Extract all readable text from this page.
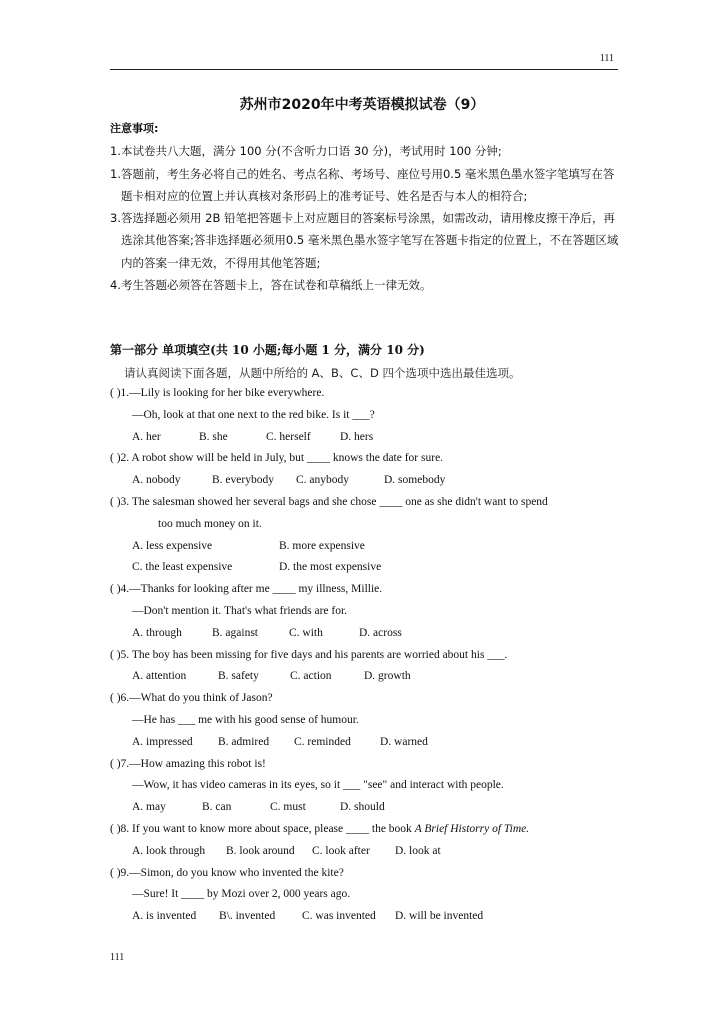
111
苏州市2020年中考英语模拟试卷（9）
注意事项:
1.本试卷共八大题，满分 100 分(不含听力口语 30 分)，考试用时 100 分钟;
1.答题前，考生务必将自己的姓名、考点名称、考场号、座位号用0.5 毫米黑色墨水签字笔填写在答题卡相对应的位置上并认真核对条形码上的准考证号、姓名是否与本人的相符合;
3.答选择题必须用 2B 铅笔把答题卡上对应题目的答案标号涂黑，如需改动，请用橡皮擦干净后，再选涂其他答案;答非选择题必须用0.5 毫米黑色墨水签字笔写在答题卡指定的位置上，不在答题区域内的答案一律无效，不得用其他笔答题;
4.考生答题必须答在答题卡上，答在试卷和草稿纸上一律无效。
第一部分 单项填空(共 10 小题;每小题 1 分，满分 10 分)
请认真阅读下面各题，从题中所给的 A、B、C、D 四个选项中选出最佳选项。
( )1.—Lily is looking for her bike everywhere.
—Oh, look at that one next to the red bike. Is it ___?
A. her	B. she	C. herself	D. hers
( )2. A robot show will be held in July, but ____ knows the date for sure.
A. nobody	B. everybody C. anybody	D. somebody
( )3. The salesman showed her several bags and she chose ____ one as she didn't want to spend
too much money on it.
A. less expensive	B. more expensive
C. the least expensive	D. the most expensive
( )4.—Thanks for looking after me ____ my illness, Millie.
—Don't mention it. That's what friends are for.
A. through	B. against	C. with	D. across
( )5. The boy has been missing for five days and his parents are worried about his ___.
A. attention	B. safety	C. action	D. growth
( )6.—What do you think of Jason?
—He has ___ me with his good sense of humour.
A. impressed B. admired C. reminded	D. warned
( )7.—How amazing this robot is!
—Wow, it has video cameras in its eyes, so it ___ "see" and interact with people.
A. may	B. can	C. must	D. should
( )8. If you want to know more about space, please ____ the book A Brief Historry of Time.
A. look through B. look around C. look after D. look at
( )9.—Simon, do you know who invented the kite?
—Sure! It ____ by Mozi over 2, 000 years ago.
A. is invented B\. invented C. was invented D. will be invented
111
